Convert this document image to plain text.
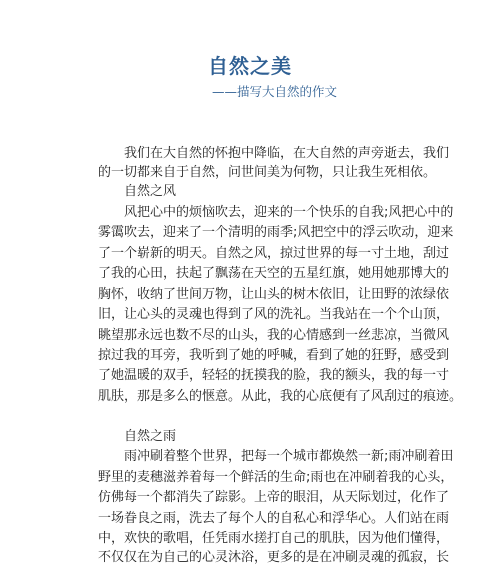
自然之美
——描写大自然的作文
我们在大自然的怀抱中降临，在大自然的声旁逝去，我们
的一切都来自于自然，问世间美为何物，只让我生死相依。
自然之风
风把心中的烦恼吹去，迎来的一个快乐的自我;风把心中的
雾霭吹去，迎来了一个清明的雨季;风把空中的浮云吹动，迎来
了一个崭新的明天。自然之风，掠过世界的每一寸土地，刮过
了我的心田，扶起了飘荡在天空的五星红旗，她用她那博大的
胸怀，收纳了世间万物，让山头的树木依旧，让田野的浓绿依
旧，让心头的灵魂也得到了风的洗礼。当我站在一个个山顶，
眺望那永远也数不尽的山头，我的心情感到一丝悲凉，当微风
掠过我的耳旁，我听到了她的呼喊，看到了她的狂野，感受到
了她温暖的双手，轻轻的抚摸我的脸，我的额头，我的每一寸
肌肤，那是多么的惬意。从此，我的心底便有了风刮过的痕迹。
自然之雨
雨冲刷着整个世界，把每一个城市都焕然一新;雨冲刷着田
野里的麦穗滋养着每一个鲜活的生命;雨也在冲刷着我的心头，
仿佛每一个都消失了踪影。上帝的眼泪，从天际划过，化作了
一场眷良之雨，洗去了每个人的自私心和浮华心。人们站在雨
中，欢快的歌唱，任凭雨水搓打自己的肌肤，因为他们懂得，
不仅仅在为自己的心灵沐浴，更多的是在冲刷灵魂的孤寂，长
